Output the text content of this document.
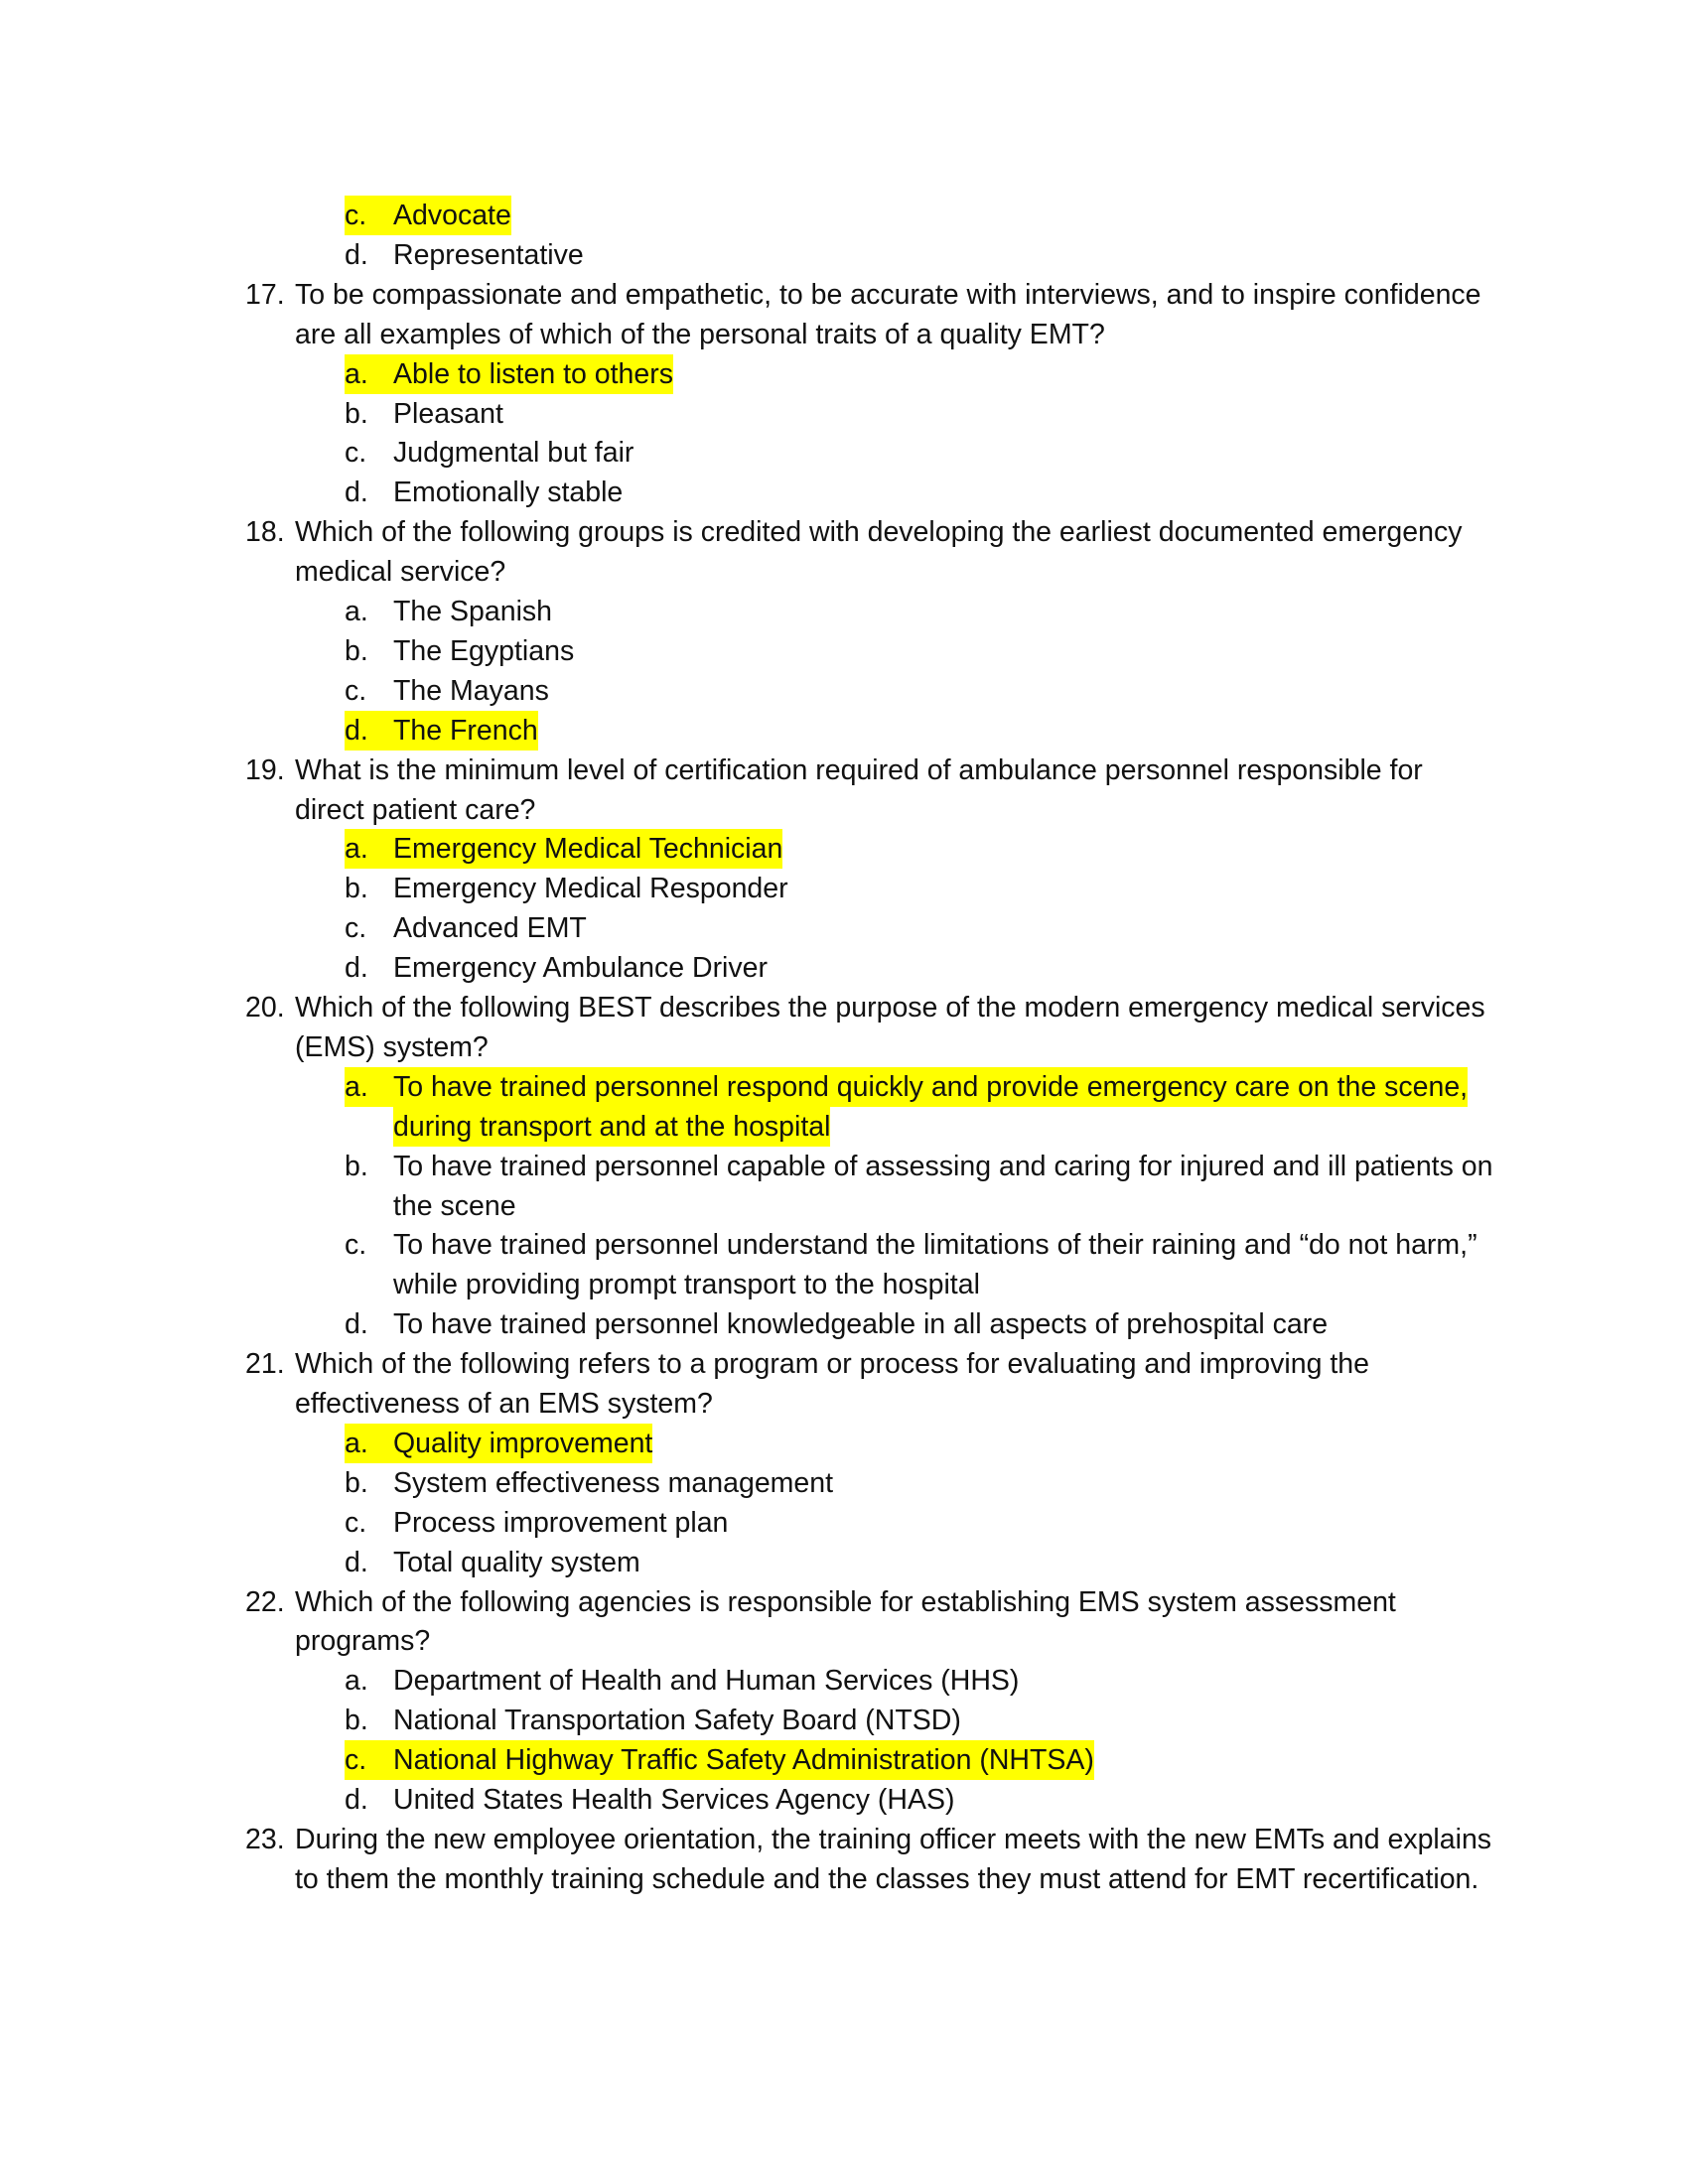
c. Advocate
d. Representative
17. To be compassionate and empathetic, to be accurate with interviews, and to inspire confidence
are all examples of which of the personal traits of a quality EMT?
a. Able to listen to others
b. Pleasant
c. Judgmental but fair
d. Emotionally stable
18. Which of the following groups is credited with developing the earliest documented emergency
medical service?
a. The Spanish
b. The Egyptians
c. The Mayans
d. The French
19. What is the minimum level of certification required of ambulance personnel responsible for
direct patient care?
a. Emergency Medical Technician
b. Emergency Medical Responder
c. Advanced EMT
d. Emergency Ambulance Driver
20. Which of the following BEST describes the purpose of the modern emergency medical services
(EMS) system?
a. To have trained personnel respond quickly and provide emergency care on the scene,
during transport and at the hospital
b. To have trained personnel capable of assessing and caring for injured and ill patients on
the scene
c. To have trained personnel understand the limitations of their raining and “do not harm,”
while providing prompt transport to the hospital
d. To have trained personnel knowledgeable in all aspects of prehospital care
21. Which of the following refers to a program or process for evaluating and improving the
effectiveness of an EMS system?
a. Quality improvement
b. System effectiveness management
c. Process improvement plan
d. Total quality system
22. Which of the following agencies is responsible for establishing EMS system assessment
programs?
a. Department of Health and Human Services (HHS)
b. National Transportation Safety Board (NTSD)
c. National Highway Traffic Safety Administration (NHTSA)
d. United States Health Services Agency (HAS)
23. During the new employee orientation, the training officer meets with the new EMTs and explains
to them the monthly training schedule and the classes they must attend for EMT recertification.
